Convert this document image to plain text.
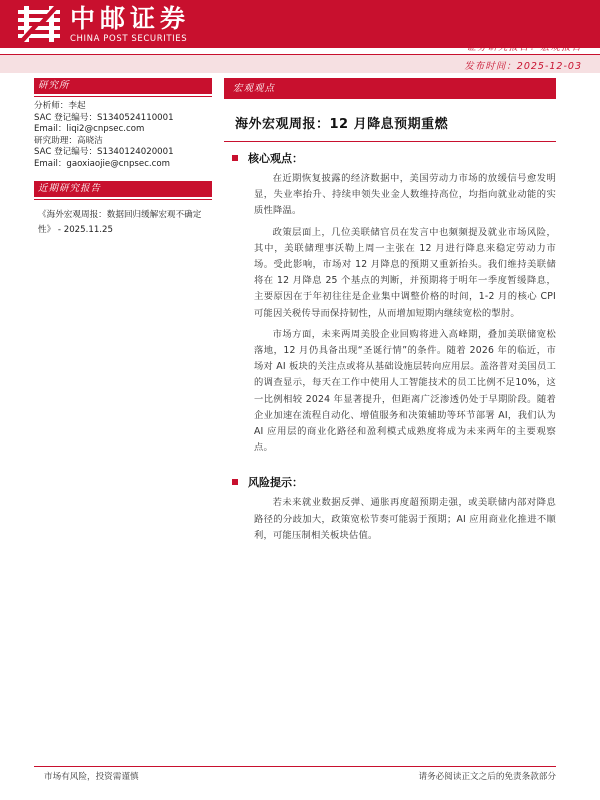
中邮证券
CHINA POST SECURITIES
证券研究报告：宏观报告
发布时间：2025-12-03
研究所
分析师：李起
SAC 登记编号：S1340524110001
Email：liqi2@cnpsec.com
研究助理：高晓洁
SAC 登记编号：S1340124020001
Email：gaoxiaojie@cnpsec.com
近期研究报告
《海外宏观周报：数据回归缓解宏观不确定性》 - 2025.11.25
宏观观点
海外宏观周报：12 月降息预期重燃
核心观点：

在近期恢复披露的经济数据中，美国劳动力市场的放缓信号愈发明显，失业率抬升、持续申领失业金人数维持高位，均指向就业动能的实质性降温。

政策层面上，几位美联储官员在发言中也频频提及就业市场风险，其中，美联储理事沃勒上周一主张在 12 月进行降息来稳定劳动力市场。受此影响，市场对 12 月降息的预期又重新抬头。我们维持美联储将在 12 月降息 25 个基点的判断，并预期将于明年一季度暂缓降息，主要原因在于年初往往是企业集中调整价格的时间，1-2 月的核心 CPI 可能因关税传导而保持韧性，从而增加短期内继续宽松的掣肘。

市场方面，未来两周美股企业回购将进入高峰期，叠加美联储宽松落地，12 月仍具备出现“圣诞行情”的条件。随着 2026 年的临近，市场对 AI 板块的关注点或将从基础设施层转向应用层。盖洛普对美国员工的调查显示，每天在工作中使用人工智能技术的员工比例不足10%，这一比例相较 2024 年显著提升，但距离广泛渗透仍处于早期阶段。随着企业加速在流程自动化、增值服务和决策辅助等环节部署 AI，我们认为 AI 应用层的商业化路径和盈利模式成熟度将成为未来两年的主要观察点。

风险提示：

若未来就业数据反弹、通胀再度超预期走强，或美联储内部对降息路径的分歧加大，政策宽松节奏可能弱于预期；AI 应用商业化推进不顺利，可能压制相关板块估值。

市场有风险，投资需谨慎	请务必阅读正文之后的免责条款部分
